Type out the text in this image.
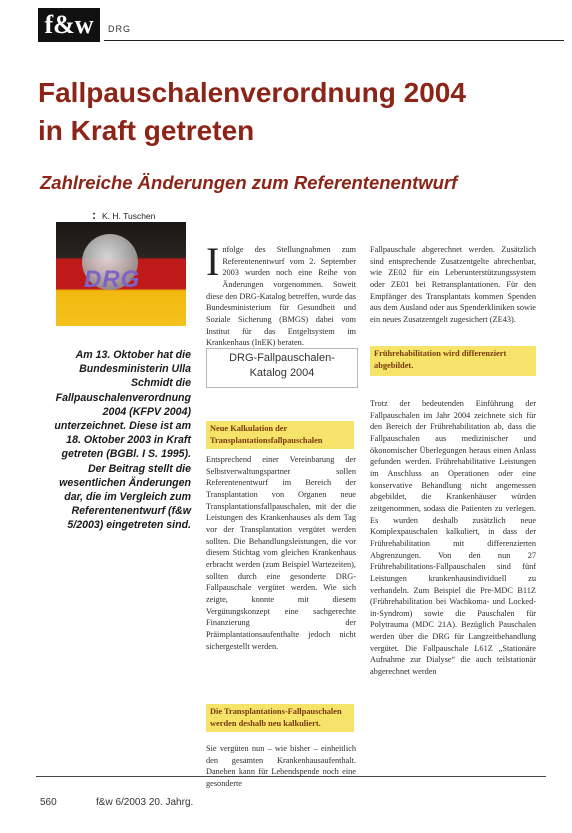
f&w	DRG
Fallpauschalenverordnung 2004
in Kraft getreten
Zahlreiche Änderungen zum Referentenentwurf
: K. H. Tuschen
DRG
Am 13. Oktober hat die Bundesministerin Ulla Schmidt die Fallpauschalenverordnung 2004 (KFPV 2004) unterzeichnet. Diese ist am 18. Oktober 2003 in Kraft getreten (BGBl. I S. 1995). Der Beitrag stellt die wesentlichen Änderungen dar, die im Vergleich zum Referentenentwurf (f&w 5/2003) eingetreten sind.
Infolge des Stellungnahmen zum Referentenentwurf vom 2. September 2003 wurden noch eine Reihe von Änderungen vorgenommen. Soweit diese den DRG-Katalog betreffen, wurde das Bundesministerium für Gesundheit und Soziale Sicherung (BMGS) dabei vom Institut für das Entgeltsystem im Krankenhaus (InEK) beraten.
DRG-Fallpauschalen-Katalog 2004
Neue Kalkulation der Transplantationsfallpauschalen

Entsprechend einer Vereinbarung der Selbstverwaltungspartner sollen Referentenentwurf im Bereich der Transplantation von Organen neue Transplantationsfallpauschalen, mit der die Leistungen des Krankenhauses als dem Tag vor der Transplantation vergütet werden sollten. Die Behandlungsleistungen, die vor diesem Stichtag vom gleichen Krankenhaus erbracht werden (zum Beispiel Wartezeiten), sollten durch eine gesonderte DRG-Fallpauschale vergütet werden. Wie sich zeigte, konnte mit diesem Vergütungskonzept eine sachgerechte Finanzierung der Präimplantationsaufenthalte jedoch nicht sichergestellt werden.

Die Transplantations-Fallpauschalen werden deshalb neu kalkuliert.

Sie vergüten nun – wie bisher – einheitlich den gesamten Krankenhausaufenthalt. Daneben kann für Lebendspende noch eine gesonderte

Fallpauschale abgerechnet werden. Zusätzlich sind entsprechende Zusatzentgelte abrechenbar, wie ZE02 für ein Leberunterstützungssystem oder ZE01 bei Retransplantationen. Für den Empfänger des Transplantats kommen Spenden aus dem Ausland oder aus Spenderkliniken sowie ein neues Zusatzentgelt zugesichert (ZE43).

Frührehabilitation wird differenziert abgebildet.

Trotz der bedeutenden Einführung der Fallpauschalen im Jahr 2004 zeichnete sich für den Bereich der Frührehabilitation ab, dass die Fallpauschalen aus medizinischer und ökonomischer Überlegungen heraus einen Anlass gefunden werden. Frührehabilitative Leistungen im Anschluss an Operationen oder eine konservative Behandlung nicht angemessen abgebildet, die Krankenhäuser würden zeitgenommen, sodass die Patienten zu verlegen. Es wurden deshalb zusätzlich neue Komplexpauschalen kalkuliert, in dass der Frührehabilitation mit differenzierten Abgrenzungen. Von den nun 27 Frührehabilitations-Fallpauschalen sind fünf Leistungen krankenhausindividuell zu verhandeln. Zum Beispiel die Pre-MDC B11Z (Frührehabilitation bei Wachkoma- und Locked-in-Syndrom) sowie die Pauschalen für Polytrauma (MDC 21A). Bezüglich Pauschalen werden über die DRG für Langzeitbehandlung vergütet. Die Fallpauschale L61Z „Stationäre Aufnahme zur Dialyse“ die auch teilstationär abgerechnet werden

560	f&w 6/2003 20. Jahrg.
